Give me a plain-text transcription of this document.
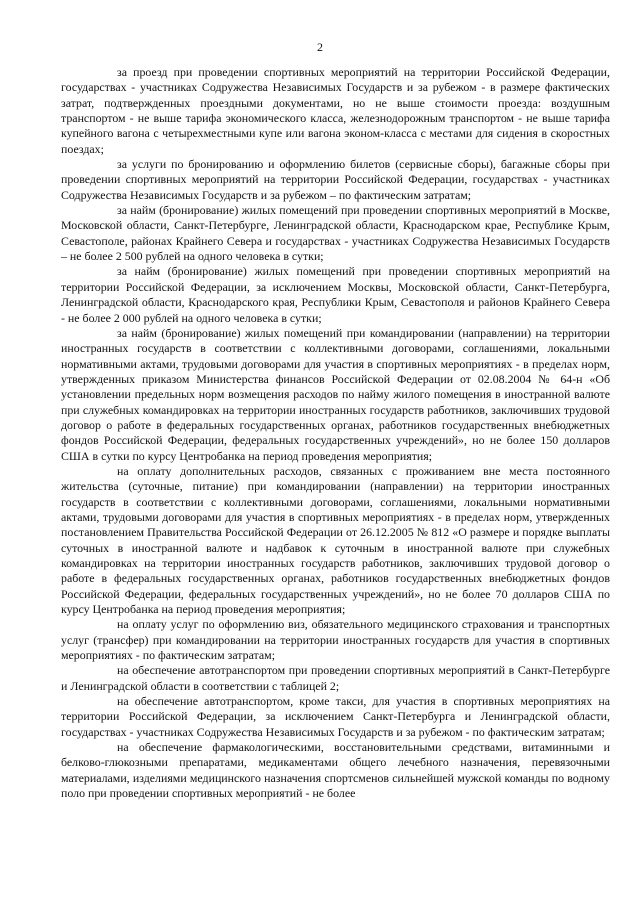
2

за проезд при проведении спортивных мероприятий на территории Российской Федерации, государствах - участниках Содружества Независимых Государств и за рубежом - в размере фактических затрат, подтвержденных проездными документами, но не выше стоимости проезда: воздушным транспортом - не выше тарифа экономического класса, железнодорожным транспортом - не выше тарифа купейного вагона с четырехместными купе или вагона эконом-класса с местами для сидения в скоростных поездах;

за услуги по бронированию и оформлению билетов (сервисные сборы), багажные сборы при проведении спортивных мероприятий на территории Российской Федерации, государствах - участниках Содружества Независимых Государств и за рубежом – по фактическим затратам;

за найм (бронирование) жилых помещений при проведении спортивных мероприятий в Москве, Московской области, Санкт-Петербурге, Ленинградской области, Краснодарском крае, Республике Крым, Севастополе, районах Крайнего Севера и государствах - участниках Содружества Независимых Государств – не более 2 500 рублей на одного человека в сутки;

за найм (бронирование) жилых помещений при проведении спортивных мероприятий на территории Российской Федерации, за исключением Москвы, Московской области, Санкт-Петербурга, Ленинградской области, Краснодарского края, Республики Крым, Севастополя и районов Крайнего Севера - не более 2 000 рублей на одного человека в сутки;

за найм (бронирование) жилых помещений при командировании (направлении) на территории иностранных государств в соответствии с коллективными договорами, соглашениями, локальными нормативными актами, трудовыми договорами для участия в спортивных мероприятиях - в пределах норм, утвержденных приказом Министерства финансов Российской Федерации от 02.08.2004 № 64-н «Об установлении предельных норм возмещения расходов по найму жилого помещения в иностранной валюте при служебных командировках на территории иностранных государств работников, заключивших трудовой договор о работе в федеральных государственных органах, работников государственных внебюджетных фондов Российской Федерации, федеральных государственных учреждений», но не более 150 долларов США в сутки по курсу Центробанка на период проведения мероприятия;

на оплату дополнительных расходов, связанных с проживанием вне места постоянного жительства (суточные, питание) при командировании (направлении) на территории иностранных государств в соответствии с коллективными договорами, соглашениями, локальными нормативными актами, трудовыми договорами для участия в спортивных мероприятиях - в пределах норм, утвержденных постановлением Правительства Российской Федерации от 26.12.2005 № 812 «О размере и порядке выплаты суточных в иностранной валюте и надбавок к суточным в иностранной валюте при служебных командировках на территории иностранных государств работников, заключивших трудовой договор о работе в федеральных государственных органах, работников государственных внебюджетных фондов Российской Федерации, федеральных государственных учреждений», но не более 70 долларов США по курсу Центробанка на период проведения мероприятия;

на оплату услуг по оформлению виз, обязательного медицинского страхования и транспортных услуг (трансфер) при командировании на территории иностранных государств для участия в спортивных мероприятиях - по фактическим затратам;

на обеспечение автотранспортом при проведении спортивных мероприятий в Санкт-Петербурге и Ленинградской области в соответствии с таблицей 2;

на обеспечение автотранспортом, кроме такси, для участия в спортивных мероприятиях на территории Российской Федерации, за исключением Санкт-Петербурга и Ленинградской области, государствах - участниках Содружества Независимых Государств и за рубежом - по фактическим затратам;

на обеспечение фармакологическими, восстановительными средствами, витаминными и белково-глюкозными препаратами, медикаментами общего лечебного назначения, перевязочными материалами, изделиями медицинского назначения спортсменов сильнейшей мужской команды по водному поло при проведении спортивных мероприятий - не более
